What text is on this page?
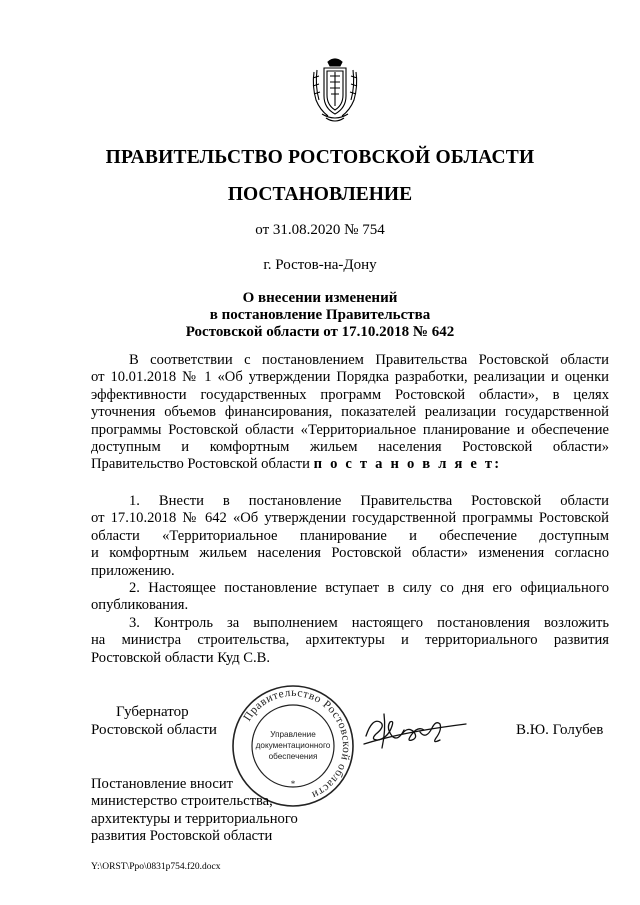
ПРАВИТЕЛЬСТВО РОСТОВСКОЙ ОБЛАСТИ
ПОСТАНОВЛЕНИЕ
от 31.08.2020 № 754
г. Ростов-на-Дону
О внесении изменений
в постановление Правительства
Ростовской области от 17.10.2018 № 642
В соответствии с постановлением Правительства Ростовской области
от 10.01.2018 № 1 «Об утверждении Порядка разработки, реализации и оценки
эффективности государственных программ Ростовской области», в целях
уточнения объемов финансирования, показателей реализации государственной
программы Ростовской области «Территориальное планирование и обеспечение
доступным и комфортным жильем населения Ростовской области»
Правительство Ростовской области п о с т а н о в л я е т:
1. Внести в постановление Правительства Ростовской области
от 17.10.2018 № 642 «Об утверждении государственной программы Ростовской
области «Территориальное планирование и обеспечение доступным
и комфортным жильем населения Ростовской области» изменения согласно
приложению.
2. Настоящее постановление вступает в силу со дня его официального
опубликования.
3. Контроль за выполнением настоящего постановления возложить
на министра строительства, архитектуры и территориального развития
Ростовской области Куд С.В.
Губернатор
Ростовской области
Правительство Ростовской области
*
Управление
документационного
обеспечения
В.Ю. Голубев
Постановление вносит
министерство строительства,
архитектуры и территориального
развития Ростовской области
Y:\ORST\Ppo\0831p754.f20.docx
